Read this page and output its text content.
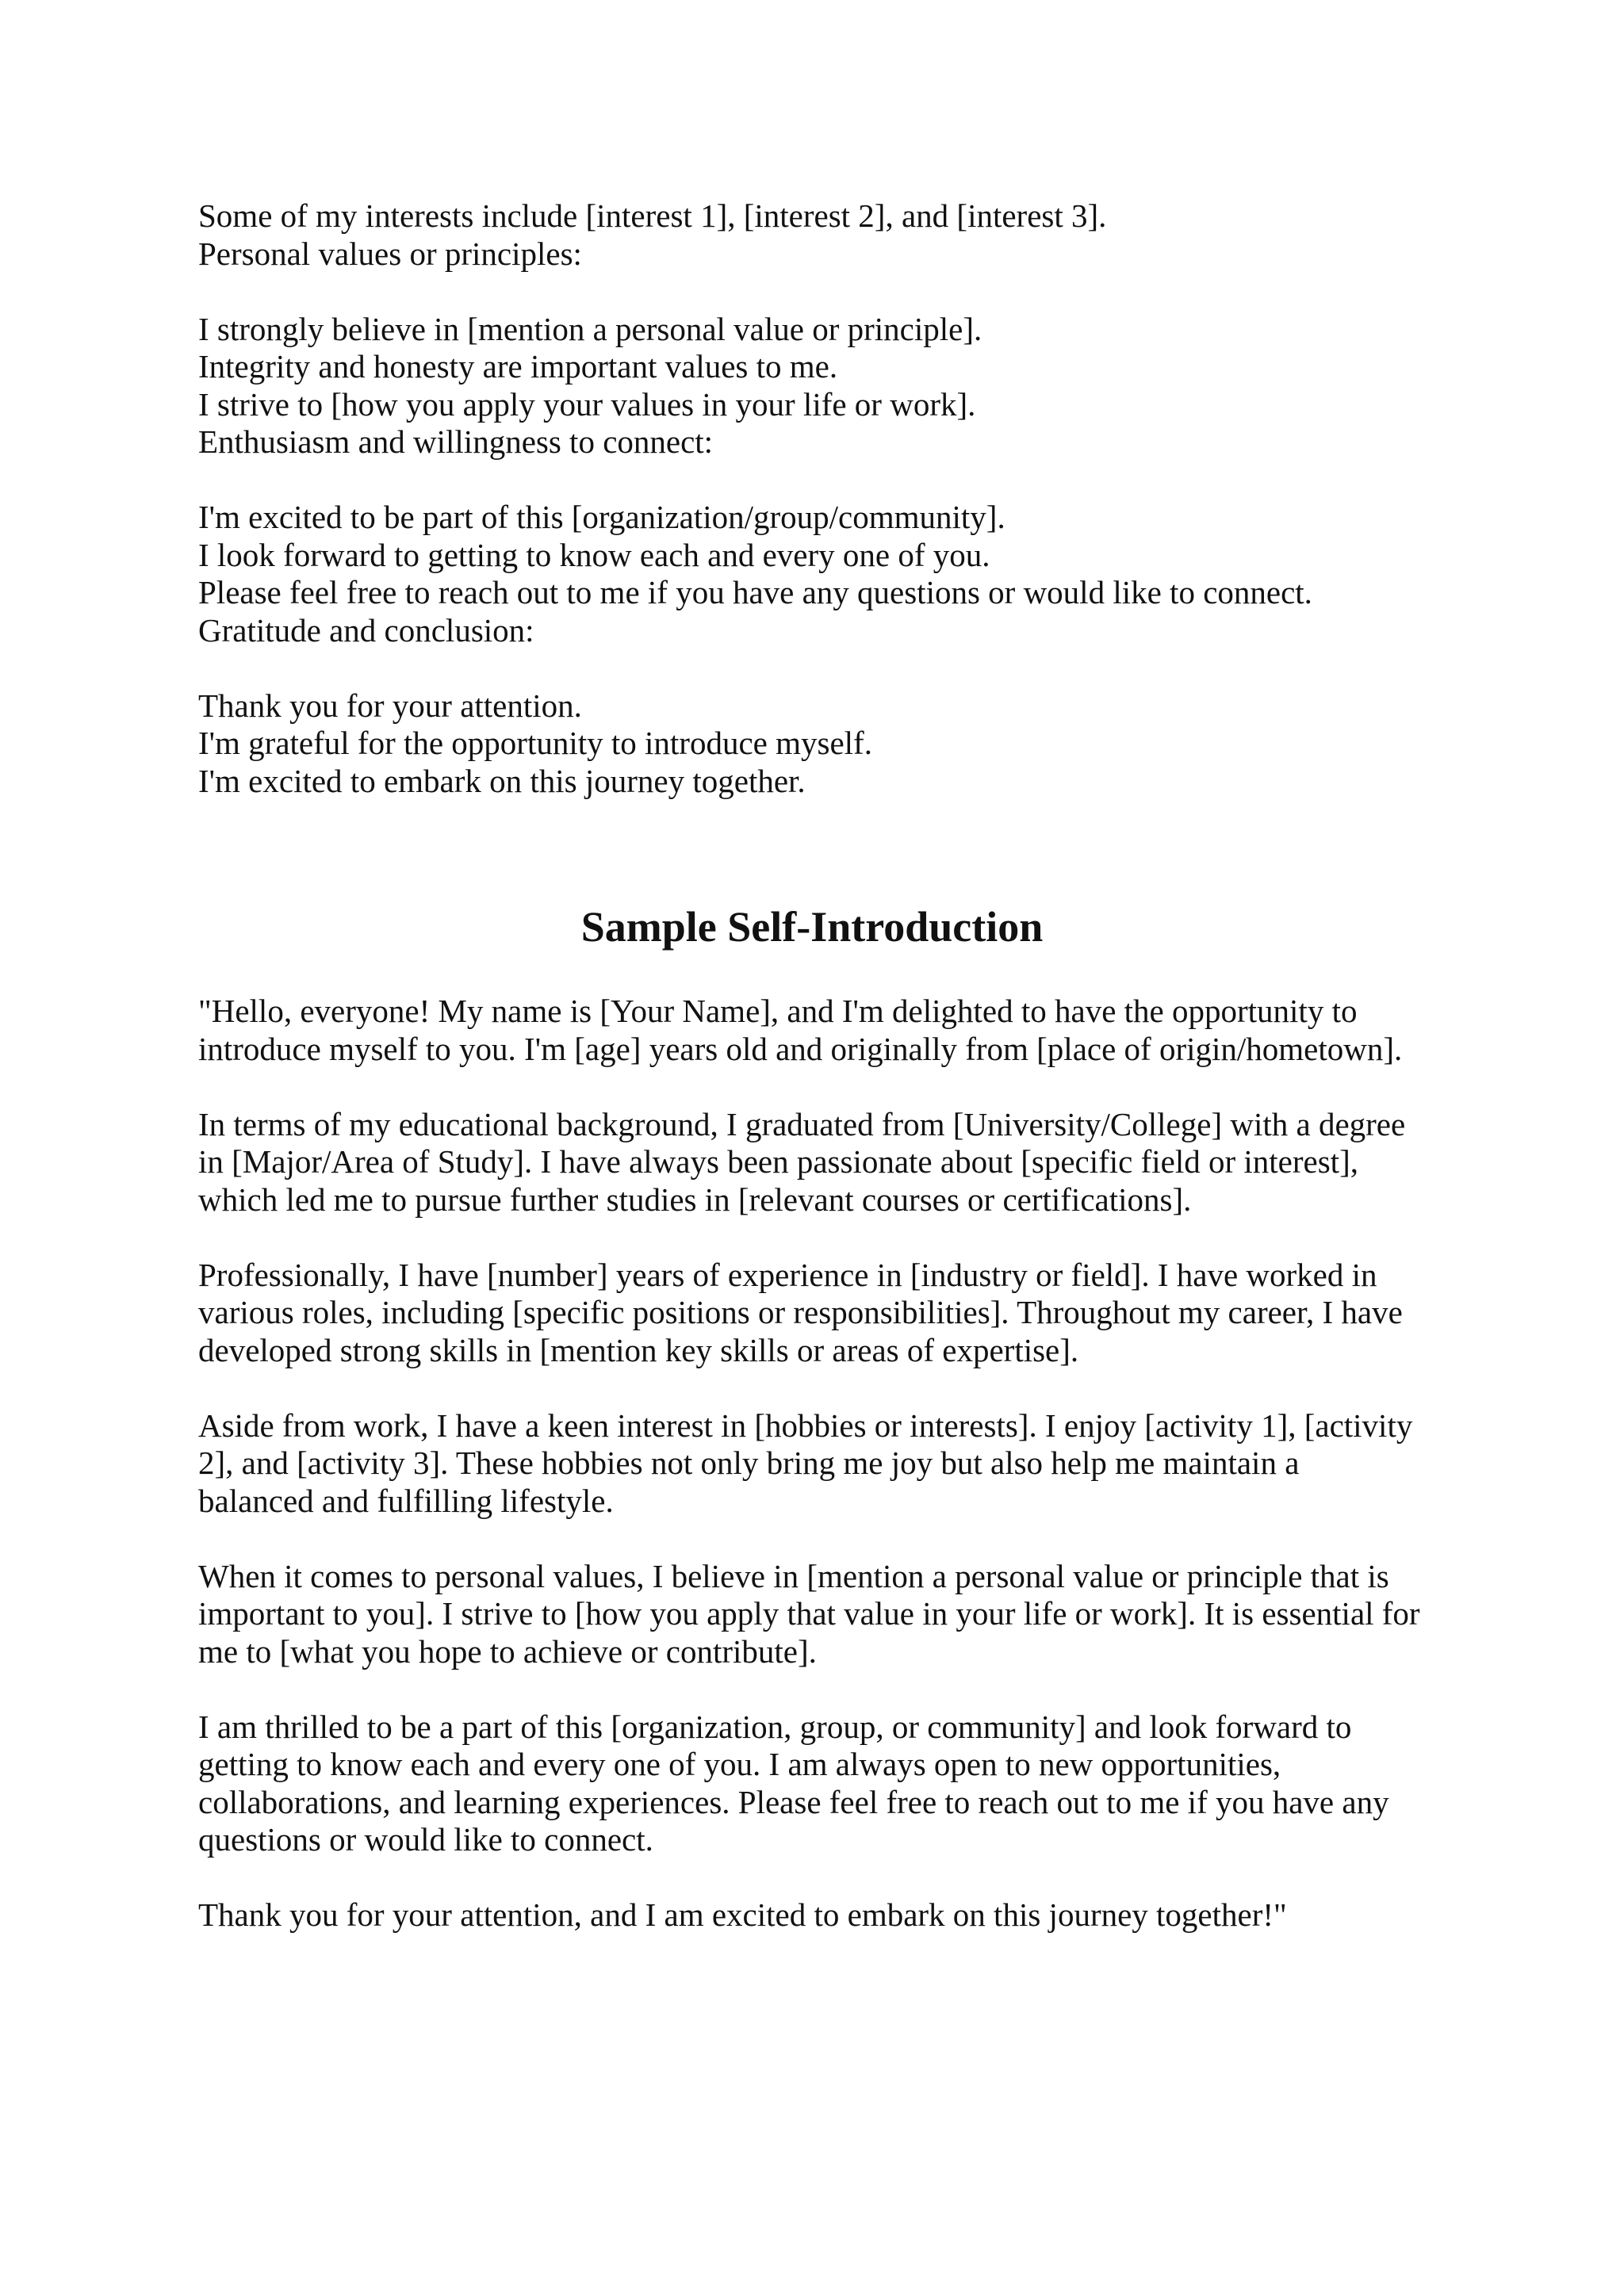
Some of my interests include [interest 1], [interest 2], and [interest 3].
Personal values or principles:
I strongly believe in [mention a personal value or principle].
Integrity and honesty are important values to me.
I strive to [how you apply your values in your life or work].
Enthusiasm and willingness to connect:
I'm excited to be part of this [organization/group/community].
I look forward to getting to know each and every one of you.
Please feel free to reach out to me if you have any questions or would like to connect.
Gratitude and conclusion:
Thank you for your attention.
I'm grateful for the opportunity to introduce myself.
I'm excited to embark on this journey together.
Sample Self-Introduction
"Hello, everyone! My name is [Your Name], and I'm delighted to have the opportunity to
introduce myself to you. I'm [age] years old and originally from [place of origin/hometown].
In terms of my educational background, I graduated from [University/College] with a degree
in [Major/Area of Study]. I have always been passionate about [specific field or interest],
which led me to pursue further studies in [relevant courses or certifications].
Professionally, I have [number] years of experience in [industry or field]. I have worked in
various roles, including [specific positions or responsibilities]. Throughout my career, I have
developed strong skills in [mention key skills or areas of expertise].
Aside from work, I have a keen interest in [hobbies or interests]. I enjoy [activity 1], [activity
2], and [activity 3]. These hobbies not only bring me joy but also help me maintain a
balanced and fulfilling lifestyle.
When it comes to personal values, I believe in [mention a personal value or principle that is
important to you]. I strive to [how you apply that value in your life or work]. It is essential for
me to [what you hope to achieve or contribute].
I am thrilled to be a part of this [organization, group, or community] and look forward to
getting to know each and every one of you. I am always open to new opportunities,
collaborations, and learning experiences. Please feel free to reach out to me if you have any
questions or would like to connect.
Thank you for your attention, and I am excited to embark on this journey together!"
